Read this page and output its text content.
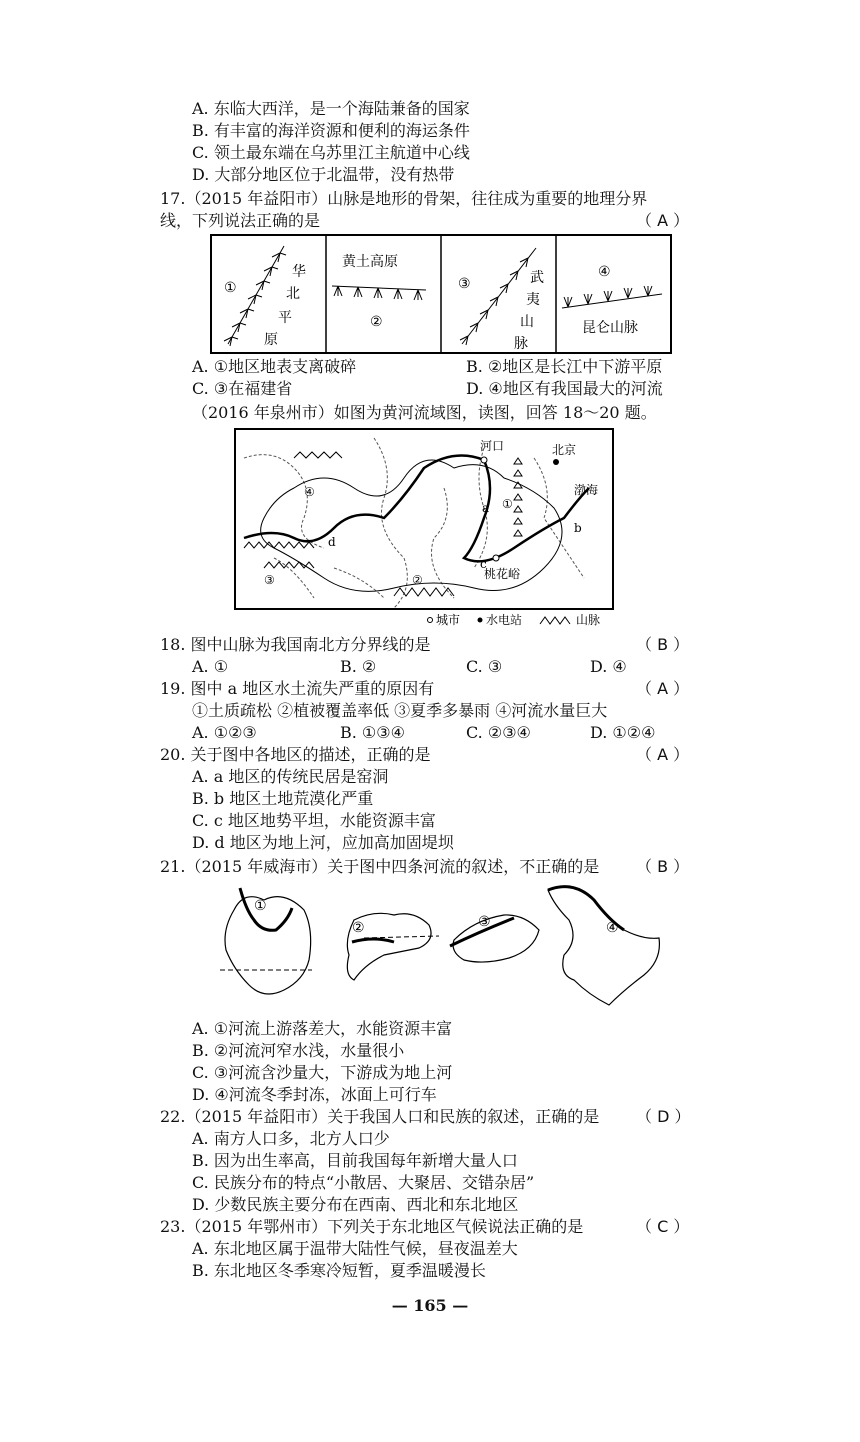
A. 东临大西洋，是一个海陆兼备的国家
B. 有丰富的海洋资源和便利的海运条件
C. 领土最东端在乌苏里江主航道中心线
D. 大部分地区位于北温带，没有热带
17.（2015 年益阳市）山脉是地形的骨架，往往成为重要的地理分界
线，下列说法正确的是	（ A ）
①
华
北
平
原
黄土高原
②
③	武
夷
山
脉
④
昆仑山脉
A. ①地区地表支离破碎	B. ②地区是长江中下游平原
C. ③在福建省	D. ④地区有我国最大的河流
（2016 年泉州市）如图为黄河流域图，读图，回答 18～20 题。
河口	北京
渤海
桃花峪
a
b
c
d
①
②
③
④
城市 水电站	山脉
18. 图中山脉为我国南北方分界线的是	（ B ）
A. ①	B. ②	C. ③	D. ④
19. 图中 a 地区水土流失严重的原因有	（ A ）
①土质疏松 ②植被覆盖率低 ③夏季多暴雨 ④河流水量巨大
A. ①②③	B. ①③④	C. ②③④	D. ①②④
20. 关于图中各地区的描述，正确的是	（ A ）
A. a 地区的传统民居是窑洞
B. b 地区土地荒漠化严重
C. c 地区地势平坦，水能资源丰富
D. d 地区为地上河，应加高加固堤坝
21.（2015 年威海市）关于图中四条河流的叙述，不正确的是 （ B ）
①
②	③	④
A. ①河流上游落差大，水能资源丰富
B. ②河流河窄水浅，水量很小
C. ③河流含沙量大，下游成为地上河
D. ④河流冬季封冻，冰面上可行车
22.（2015 年益阳市）关于我国人口和民族的叙述，正确的是 （ D ）
A. 南方人口多，北方人口少
B. 因为出生率高，目前我国每年新增大量人口
C. 民族分布的特点“小散居、大聚居、交错杂居”
D. 少数民族主要分布在西南、西北和东北地区
23.（2015 年鄂州市）下列关于东北地区气候说法正确的是	（ C ）
A. 东北地区属于温带大陆性气候，昼夜温差大
B. 东北地区冬季寒冷短暂，夏季温暖漫长
— 165 —
